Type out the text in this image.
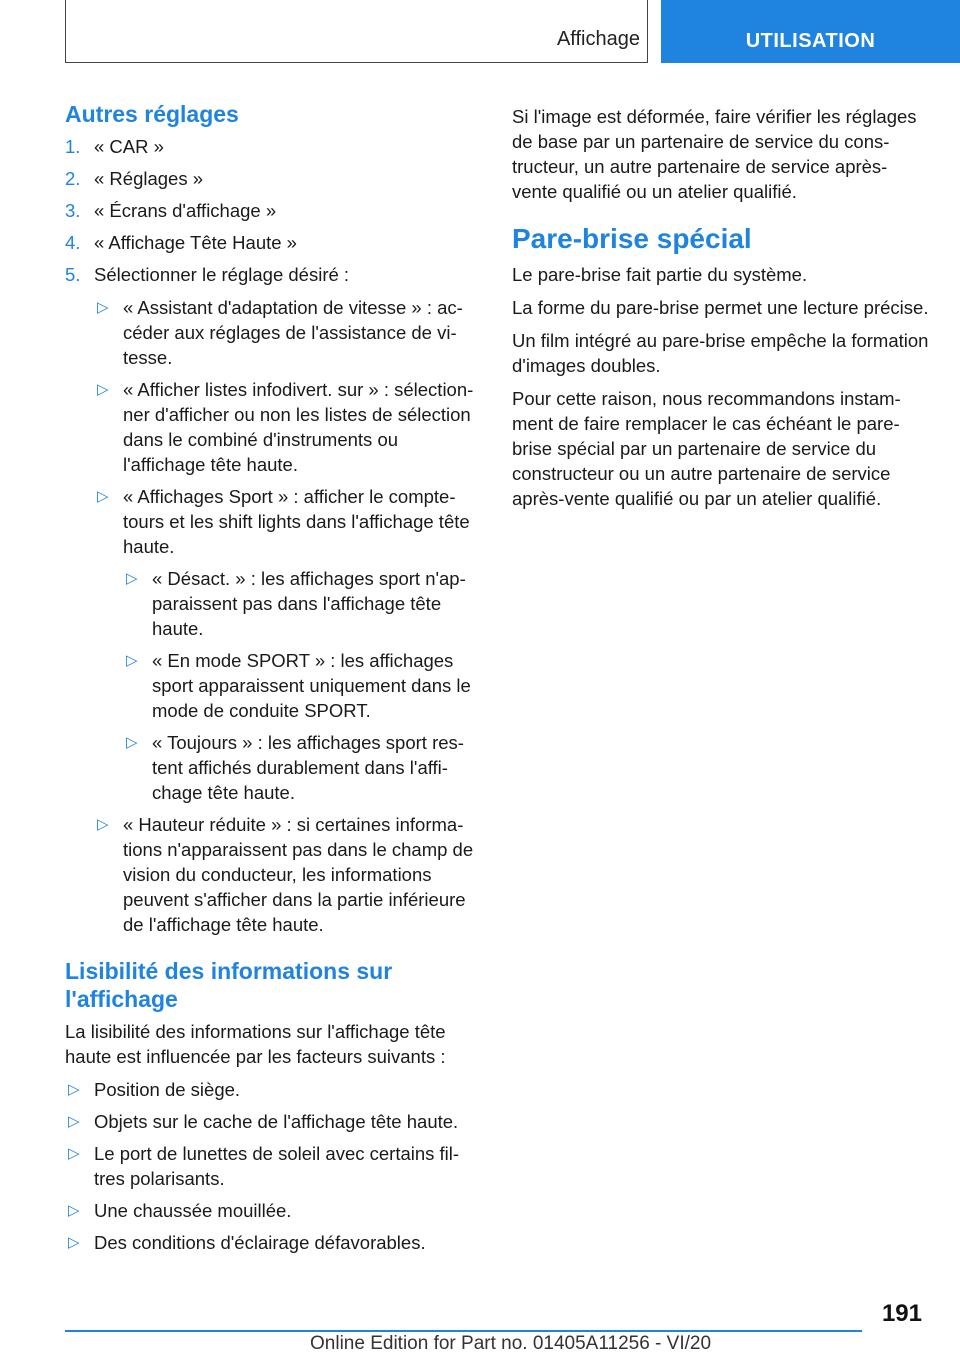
Affichage	UTILISATION
Autres réglages
1. « CAR »
2. « Réglages »
3. « Écrans d'affichage »
4. « Affichage Tête Haute »
5. Sélectionner le réglage désiré :
▷ « Assistant d'adaptation de vitesse » : accéder aux réglages de l'assistance de vitesse.
▷ « Afficher listes infodivert. sur » : sélectionner d'afficher ou non les listes de sélection dans le combiné d'instruments ou l'affichage tête haute.
▷ « Affichages Sport » : afficher le compte-tours et les shift lights dans l'affichage tête haute.
▷ « Désact. » : les affichages sport n'apparaissent pas dans l'affichage tête haute.
▷ « En mode SPORT » : les affichages sport apparaissent uniquement dans le mode de conduite SPORT.
▷ « Toujours » : les affichages sport restent affichés durablement dans l'affichage tête haute.
▷ « Hauteur réduite » : si certaines informations n'apparaissent pas dans le champ de vision du conducteur, les informations peuvent s'afficher dans la partie inférieure de l'affichage tête haute.
Lisibilité des informations sur l'affichage

La lisibilité des informations sur l'affichage tête haute est influencée par les facteurs suivants :

▷ Position de siège.
▷ Objets sur le cache de l'affichage tête haute.
▷ Le port de lunettes de soleil avec certains filtres polarisants.
▷ Une chaussée mouillée.
▷ Des conditions d'éclairage défavorables.

Si l'image est déformée, faire vérifier les réglages de base par un partenaire de service du constructeur, un autre partenaire de service après-vente qualifié ou un atelier qualifié.

Pare-brise spécial

Le pare-brise fait partie du système.

La forme du pare-brise permet une lecture précise.

Un film intégré au pare-brise empêche la formation d'images doubles.

Pour cette raison, nous recommandons instamment de faire remplacer le cas échéant le pare-brise spécial par un partenaire de service du constructeur ou un autre partenaire de service après-vente qualifié ou par un atelier qualifié.

191
Online Edition for Part no. 01405A11256 - VI/20
